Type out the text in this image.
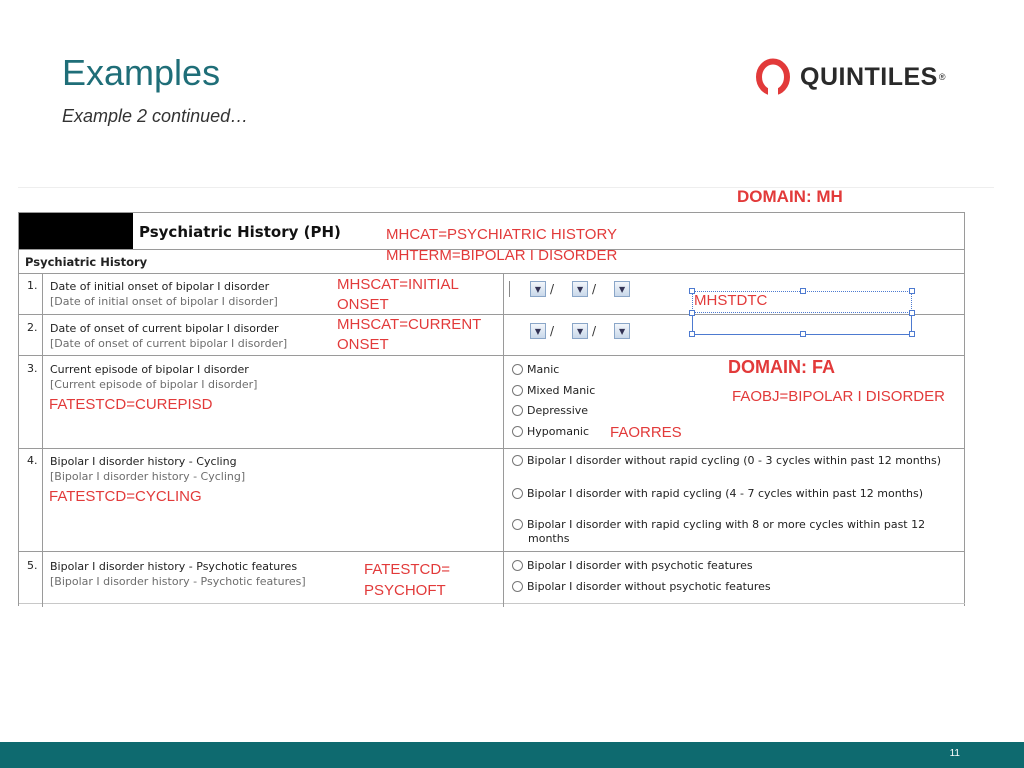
Examples
Example 2 continued…
QUINTILES ®
DOMAIN: MH
Psychiatric History (PH)
Psychiatric History
1. Date of initial onset of bipolar I disorder
[Date of initial onset of bipolar I disorder]
▼ /	▼ /	▼
2. Date of onset of current bipolar I disorder
[Date of onset of current bipolar I disorder]
▼ /	▼ /	▼
3. Current episode of bipolar I disorder
[Current episode of bipolar I disorder]
Manic
Mixed Manic
Depressive
Hypomanic
4. Bipolar I disorder history - Cycling
[Bipolar I disorder history - Cycling]
Bipolar I disorder without rapid cycling (0 - 3 cycles within past 12 months)
Bipolar I disorder with rapid cycling (4 - 7 cycles within past 12 months)
Bipolar I disorder with rapid cycling with 8 or more cycles within past 12 months
5. Bipolar I disorder history - Psychotic features
[Bipolar I disorder history - Psychotic features]
Bipolar I disorder with psychotic features
Bipolar I disorder without psychotic features
MHCAT=PSYCHIATRIC HISTORY
MHTERM=BIPOLAR I DISORDER
MHSCAT=INITIAL
ONSET
MHSCAT=CURRENT
ONSET
MHSTDTC
DOMAIN: FA
FAOBJ=BIPOLAR I DISORDER
FAORRES
FATESTCD=CUREPISD
FATESTCD=CYCLING
FATESTCD=
PSYCHOFT
11
